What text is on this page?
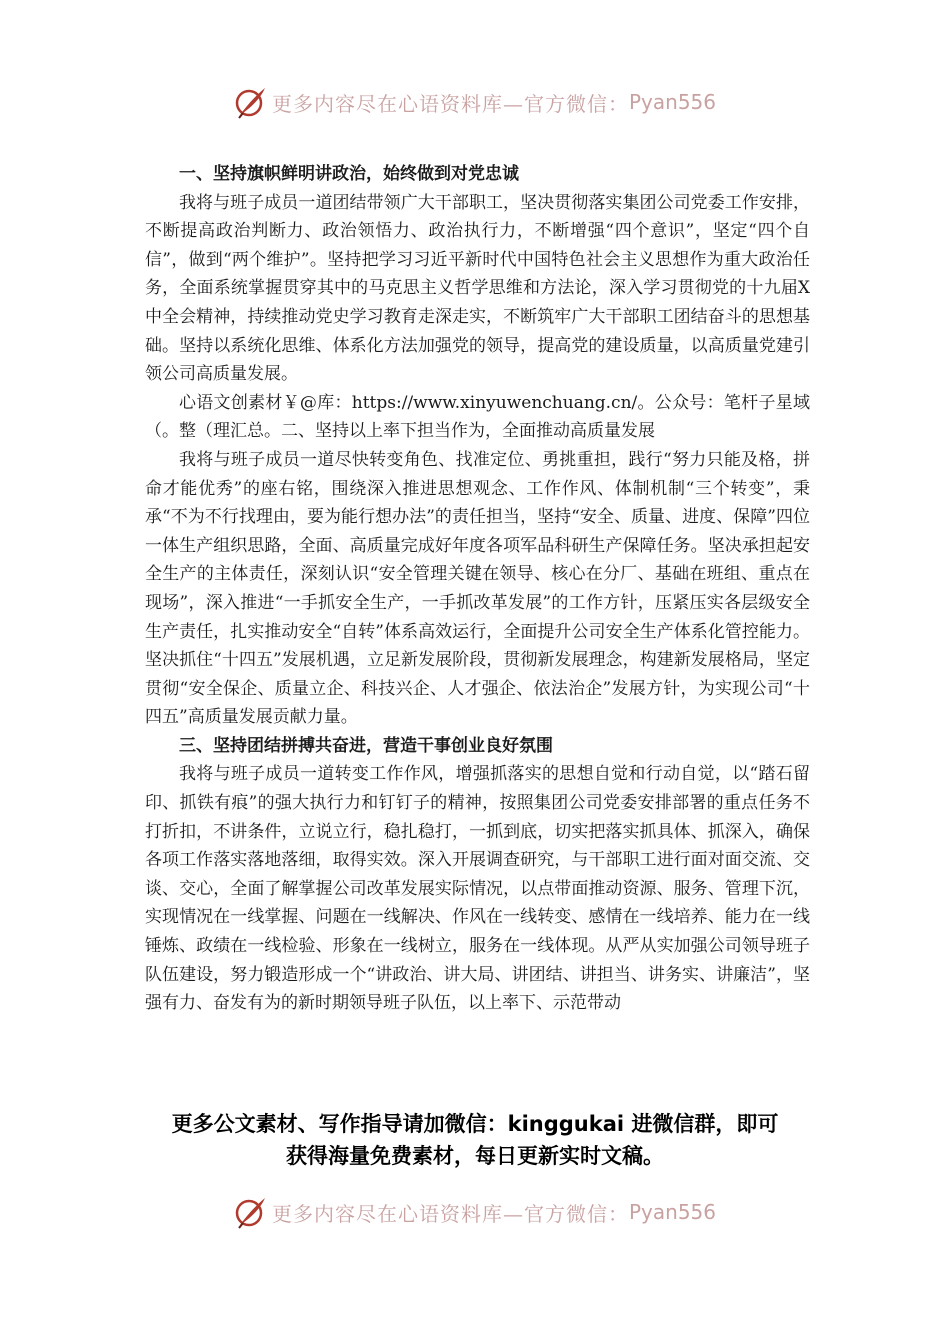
更多内容尽在心语资料库—官方微信： Pyan556

一、坚持旗帜鲜明讲政治，始终做到对党忠诚

我将与班子成员一道团结带领广大干部职工，坚决贯彻落实集团公司党委工作安排，不断提高政治判断力、政治领悟力、政治执行力，不断增强“四个意识”，坚定“四个自信”，做到“两个维护”。坚持把学习习近平新时代中国特色社会主义思想作为重大政治任务，全面系统掌握贯穿其中的马克思主义哲学思维和方法论，深入学习贯彻党的十九届Ⅹ中全会精神，持续推动党史学习教育走深走实，不断筑牢广大干部职工团结奋斗的思想基础。坚持以系统化思维、体系化方法加强党的领导，提高党的建设质量，以高质量党建引领公司高质量发展。

心语文创素材￥@库：https://www.xinyuwenchuang.cn/。公众号：笔杆子星域（。整（理汇总。二、坚持以上率下担当作为，全面推动高质量发展

我将与班子成员一道尽快转变角色、找准定位、勇挑重担，践行“努力只能及格，拼命才能优秀”的座右铭，围绕深入推进思想观念、工作作风、体制机制“三个转变”，秉承“不为不行找理由，要为能行想办法”的责任担当，坚持“安全、质量、进度、保障”四位一体生产组织思路，全面、高质量完成好年度各项军品科研生产保障任务。坚决承担起安全生产的主体责任，深刻认识“安全管理关键在领导、核心在分厂、基础在班组、重点在现场”，深入推进“一手抓安全生产，一手抓改革发展”的工作方针，压紧压实各层级安全生产责任，扎实推动安全“自转”体系高效运行，全面提升公司安全生产体系化管控能力。坚决抓住“十四五”发展机遇，立足新发展阶段，贯彻新发展理念，构建新发展格局，坚定贯彻“安全保企、质量立企、科技兴企、人才强企、依法治企”发展方针，为实现公司“十四五”高质量发展贡献力量。

三、坚持团结拼搏共奋进，营造干事创业良好氛围

我将与班子成员一道转变工作作风，增强抓落实的思想自觉和行动自觉，以“踏石留印、抓铁有痕”的强大执行力和钉钉子的精神，按照集团公司党委安排部署的重点任务不打折扣，不讲条件，立说立行，稳扎稳打，一抓到底，切实把落实抓具体、抓深入，确保各项工作落实落地落细，取得实效。深入开展调查研究，与干部职工进行面对面交流、交谈、交心，全面了解掌握公司改革发展实际情况，以点带面推动资源、服务、管理下沉，实现情况在一线掌握、问题在一线解决、作风在一线转变、感情在一线培养、能力在一线锤炼、政绩在一线检验、形象在一线树立，服务在一线体现。从严从实加强公司领导班子队伍建设，努力锻造形成一个“讲政治、讲大局、讲团结、讲担当、讲务实、讲廉洁”，坚强有力、奋发有为的新时期领导班子队伍，以上率下、示范带动

更多公文素材、写作指导请加微信：kinggukai 进微信群，即可
获得海量免费素材，每日更新实时文稿。
更多内容尽在心语资料库—官方微信： Pyan556
